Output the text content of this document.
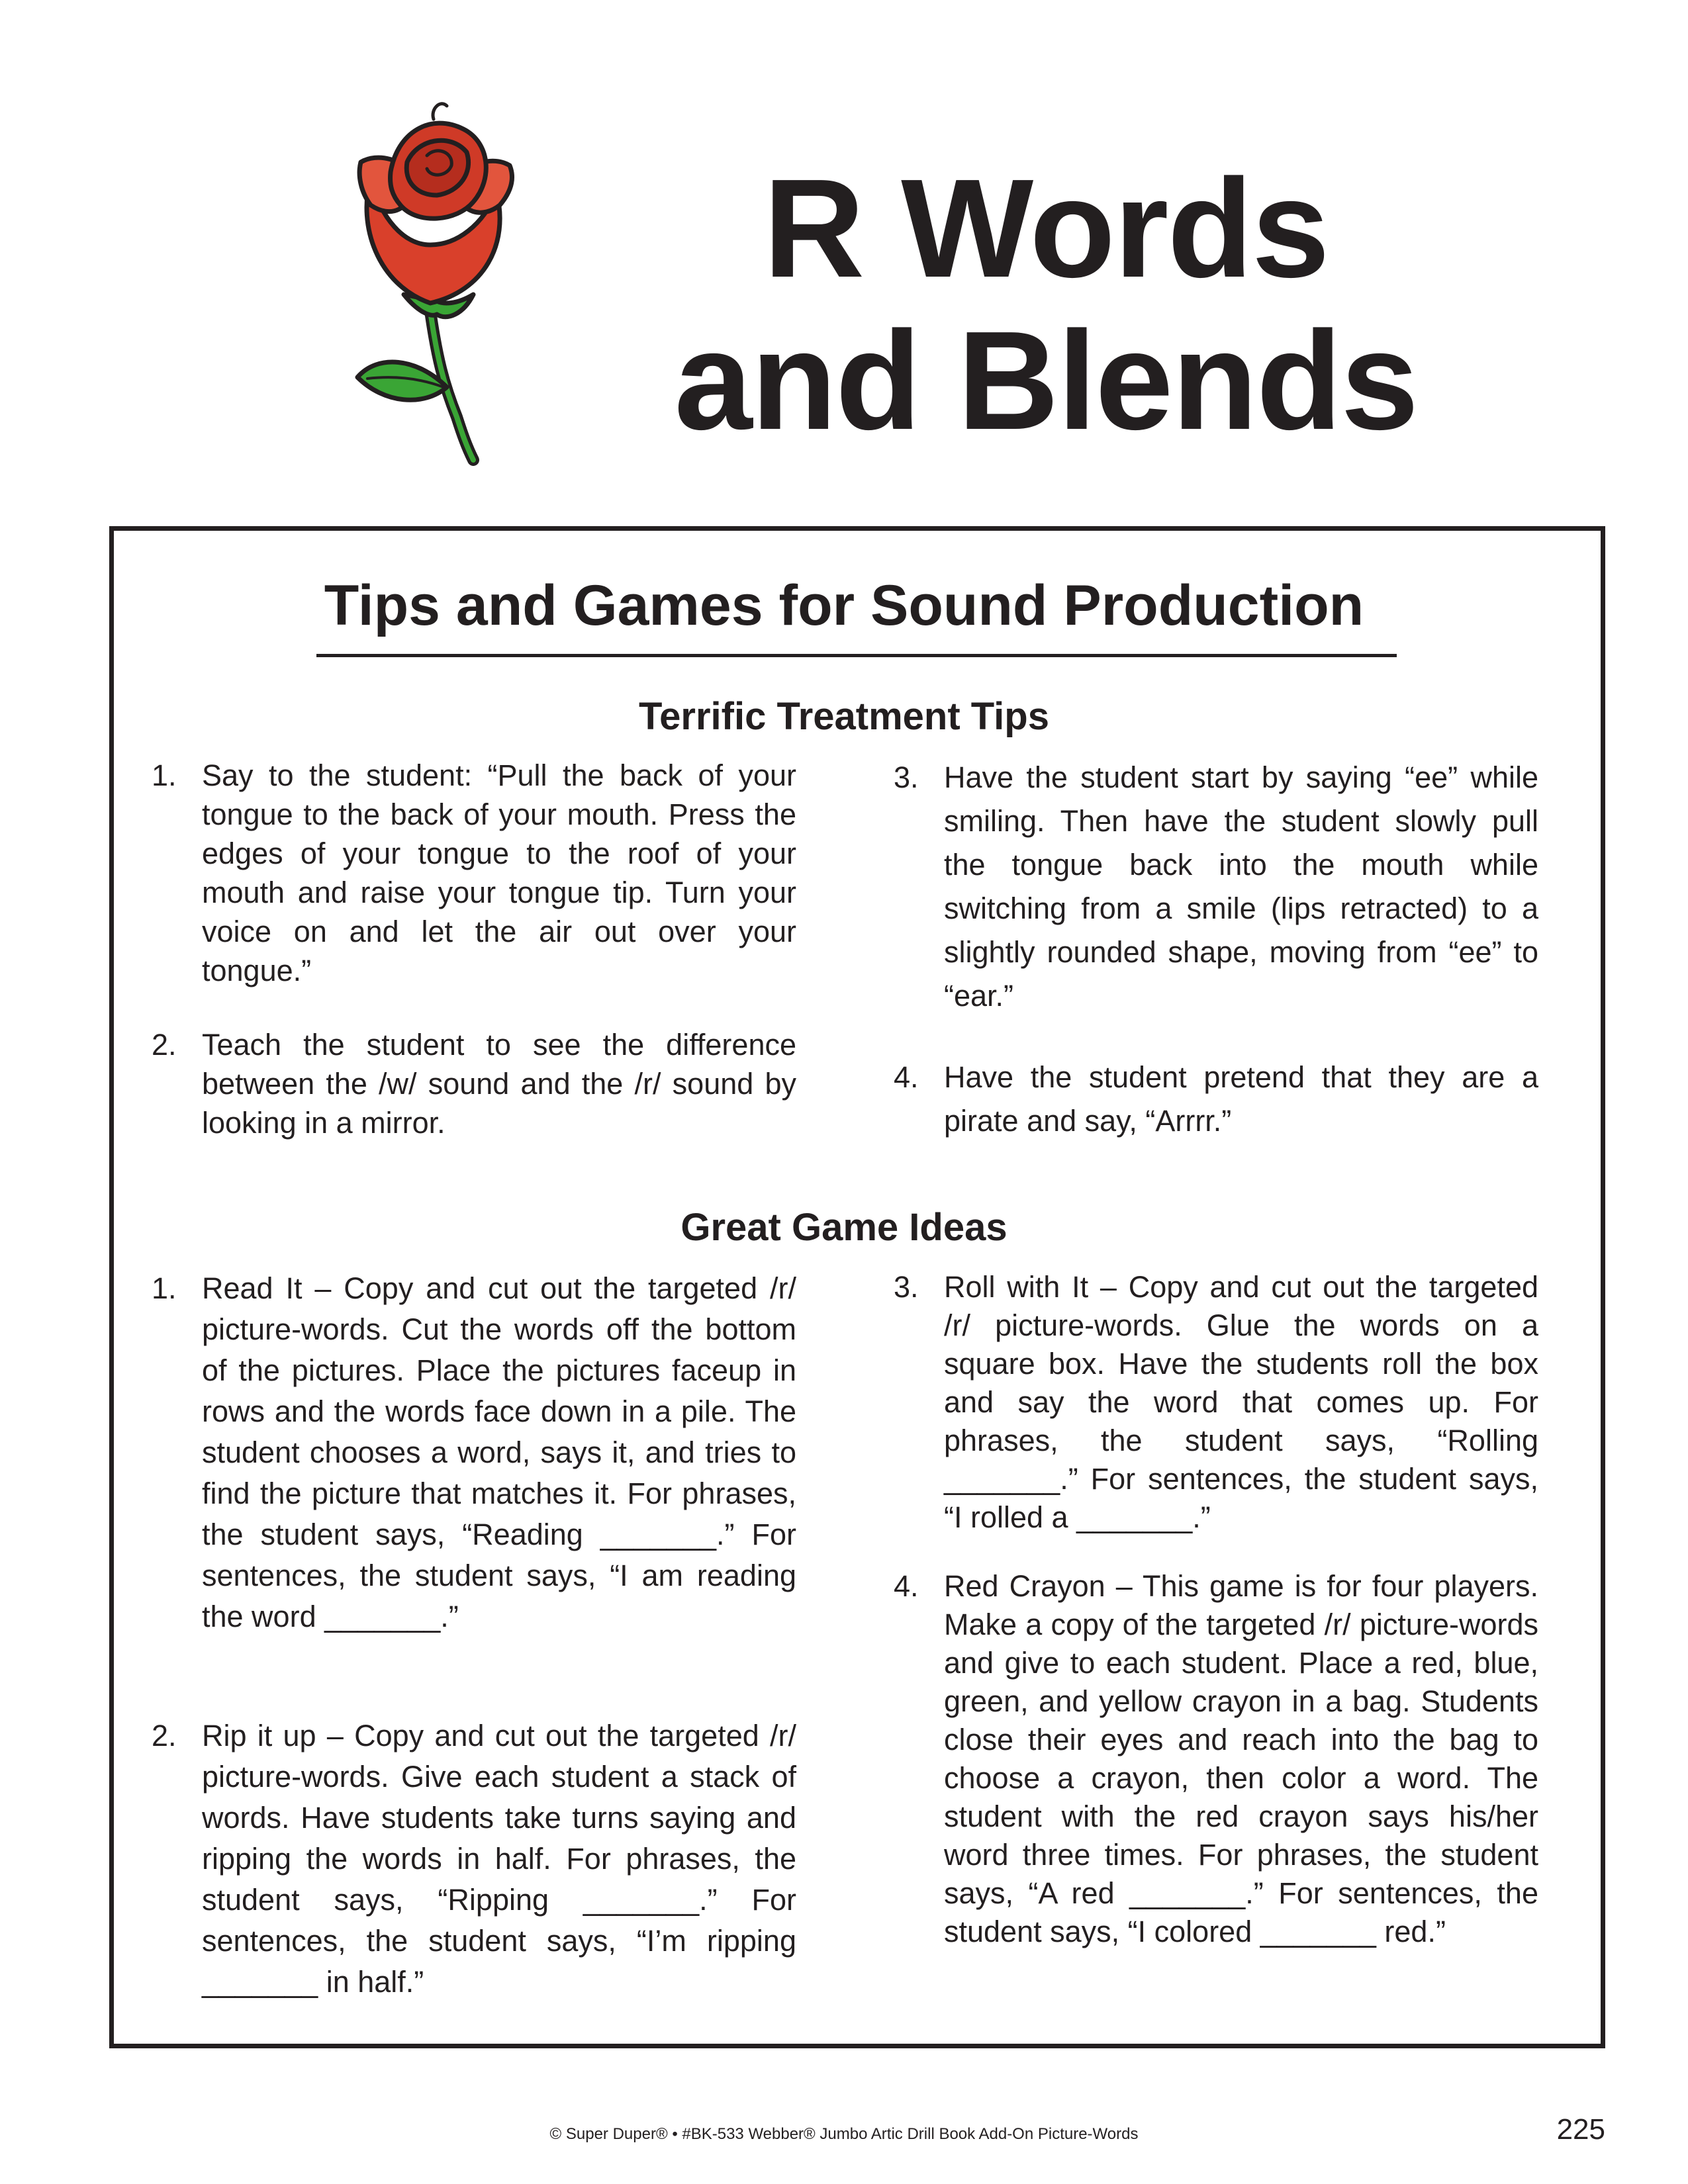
R Words
and Blends
Tips and Games for Sound Production
Terrific Treatment Tips
1. Say to the student: “Pull the back of your tongue to the back of your mouth. Press the edges of your tongue to the roof of your mouth and raise your tongue tip. Turn your voice on and let the air out over your tongue.”
2. Teach the student to see the difference between the /w/ sound and the /r/ sound by looking in a mirror.
3. Have the student start by saying “ee” while smiling. Then have the student slowly pull the tongue back into the mouth while switching from a smile (lips retracted) to a slightly rounded shape, moving from “ee” to “ear.”
4. Have the student pretend that they are a pirate and say, “Arrrr.”
Great Game Ideas
1. Read It – Copy and cut out the targeted /r/ picture-words. Cut the words off the bottom of the pictures. Place the pictures faceup in rows and the words face down in a pile. The student chooses a word, says it, and tries to find the picture that matches it. For phrases, the student says, “Reading _______.” For sentences, the student says, “I am reading the word _______.”
2. Rip it up – Copy and cut out the targeted /r/ picture-words. Give each student a stack of words. Have students take turns saying and ripping the words in half. For phrases, the student says, “Ripping _______.” For sentences, the student says, “I’m ripping _______ in half.”
3. Roll with It – Copy and cut out the targeted /r/ picture-words. Glue the words on a square box. Have the students roll the box and say the word that comes up. For phrases, the student says, “Rolling _______.” For sentences, the student says, “I rolled a _______.”
4. Red Crayon – This game is for four players. Make a copy of the targeted /r/ picture-words and give to each student. Place a red, blue, green, and yellow crayon in a bag. Students close their eyes and reach into the bag to choose a crayon, then color a word. The student with the red crayon says his/her word three times. For phrases, the student says, “A red _______.” For sentences, the student says, “I colored _______ red.”
© Super Duper® • #BK-533 Webber® Jumbo Artic Drill Book Add-On Picture-Words	225
